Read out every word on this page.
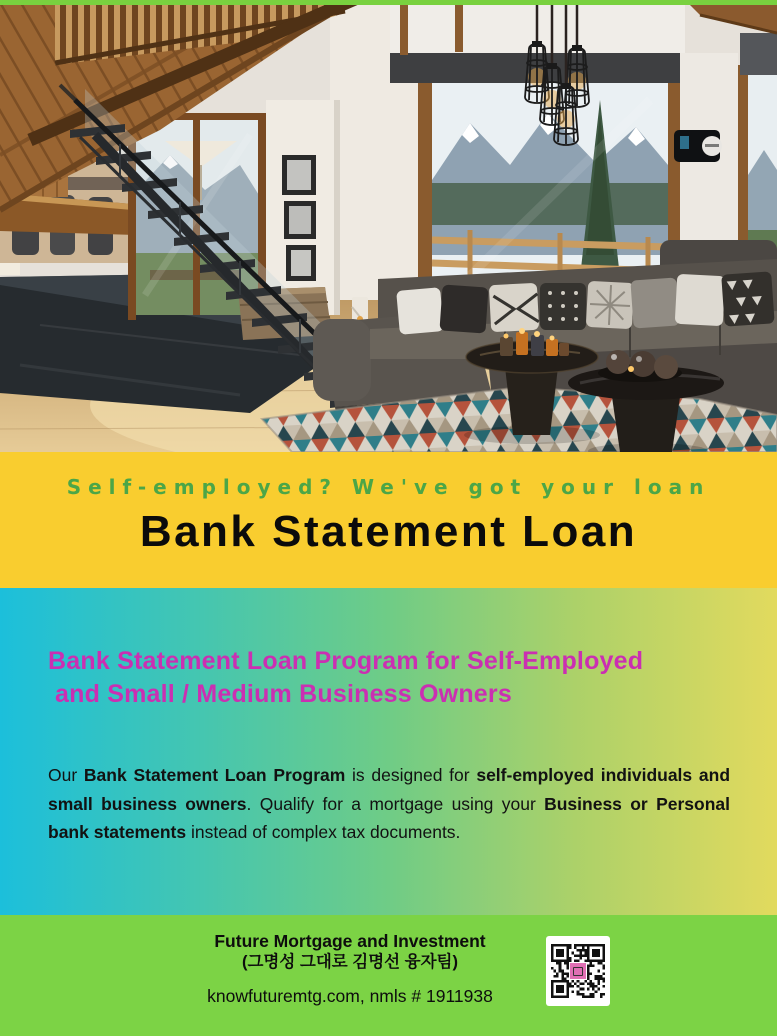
Self-employed? We've got your loan
Bank Statement Loan
Bank Statement Loan Program for Self-Employed
and Small / Medium Business Owners
Our Bank Statement Loan Program is designed for self-employed individuals and small business owners. Qualify for a mortgage using your Business or Personal bank statements instead of complex tax documents.
Future Mortgage and Investment
(그명성 그대로 김명선 융자팀)
knowfuturemtg.com, nmls # 1911938
